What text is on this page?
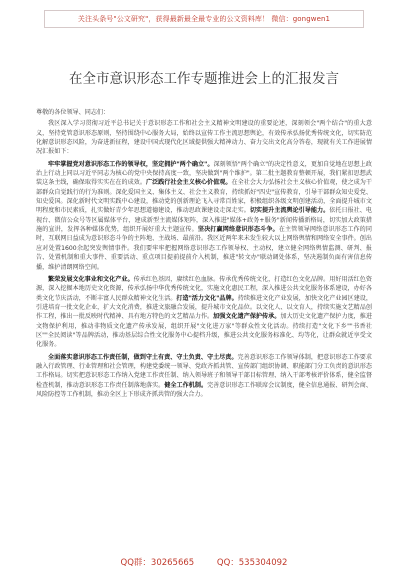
关注头条号"公文研究"，获得最新最全最专业的公文资料库！ 微信：gongwen1
在全市意识形态工作专题推进会上的汇报发言

尊敬的各位领导、同志们：

我区深入学习贯彻习近平总书记关于意识形态工作和社会主义精神文明建设的重要论述，深刻领会"两个结合"的重大意义，坚持党管意识形态原则，坚持围绕中心服务大局，始终以宣传工作主流思想舆论，有效传承弘扬优秀传统文化，切实防范化解意识形态风险，为奋进新征程，建设中国式现代化区域提供强大精神动力、奋力交出文化高分答卷，现就有关工作进展情况汇报如下：

牢牢掌握党对意识形态工作的领导权，坚定拥护"两个确立"。深刻领悟"两个确立"的决定性意义，更加自觉地在思想上政治上行动上同以习近平同志为核心的党中央保持高度一致，坚决做到"两个维护"。第二批主题教育整顿开展，我们紧扣思想武装这条主线，确保取得实实在在的成效。广泛践行社会主义核心价值观。在全社会大力弘扬社会主义核心价值观，使之成为干部群众自觉践行的行为准则。深化爱国主义、集体主义、社会主义教育，持续抓好"四史"宣传教育，引导干部群众知史爱党、知史爱国。深化新时代文明实践中心建设，推动党的创新理论飞入寻常百姓家，积极组织各级文明创建活动，全面提升城市文明程度和市民素质，扎实做好青少年思想道德建设，推动思政课建设走深走实。切实提升主流舆论引导能力。依托日报社、电视台、微信公众号等区属媒体平台，建成新型主流媒体矩阵，深入推进"媒体+政务+服务"新闻传播新格局，切实加大政策措施的宣讲，发挥各种媒体优势，组织开展好重大主题宣传。坚决打赢网络意识形态斗争。在主管领导网络意识形态工作的同时，互联网日益成为意识形态斗争的主阵地、主战场、最前沿。我区近两年来未发生较大以上网络舆情和网络安全事件。创出应对处置1600余起突发舆情事件。我们要牢牢把握网络意识形态工作领导权、主动权，建立健全网络舆情监测、研判、报告、处置机制和重大事件、重要活动、重点项目提前提前介入机制，推进"转文办"联动调处体系，坚决遏制负面有害信息传播，维护清朗网络空间。

繁荣发展文化事业和文化产业。传承红色基因，赓续红色血脉。传承优秀传统文化，打造红色文化品牌。用好用活红色资源，深入挖掘本地历史文化资源，传承弘扬中华优秀传统文化，实施文化惠民工程，深入推进公共文化服务体系建设，办好各类文化节庆活动，不断丰富人民群众精神文化生活。打造"活力文化"品牌。持续推进文化产业发展，加快文化产业园区建设，引进培育一批文化企业，扩大文化消费，推进文旅融合发展，提升城市文化品位。以文化人、以文育人，持续实施文艺精品创作工程，推出一批反映时代精神、具有地方特色的文艺精品力作。加强文化遗产保护传承。加大历史文化遗产保护力度，推进文物保护利用，推动非物质文化遗产传承发展，组织开展"文化进万家"等群众性文化活动。持续打造"文化下乡""书香社区""全民阅读"等品牌活动，推动基层综合性文化服务中心提档升级，推进公共文化服务标准化、均等化，让群众就近享受文化服务。

全面落实意识形态工作责任制，做到守土有责、守土负责、守土尽责。完善意识形态工作领导体制，把意识形态工作要求融入行政管理、行业管理和社会管理，构建党委统一领导、党政齐抓共管、宣传部门组织协调、职能部门分工负责的意识形态工作格局。切实把意识形态工作纳入党建工作责任制、纳入领导班子和领导干部目标管理、纳入干部考核评价体系，健全监督检查机制，推动意识形态工作责任制落地落实。健全工作机制。完善意识形态工作联席会议制度，健全信息通报、研判会商、风险防控等工作机制，推动全区上下形成齐抓共管的强大合力。

QQ群：30265665	QQ：535304092
